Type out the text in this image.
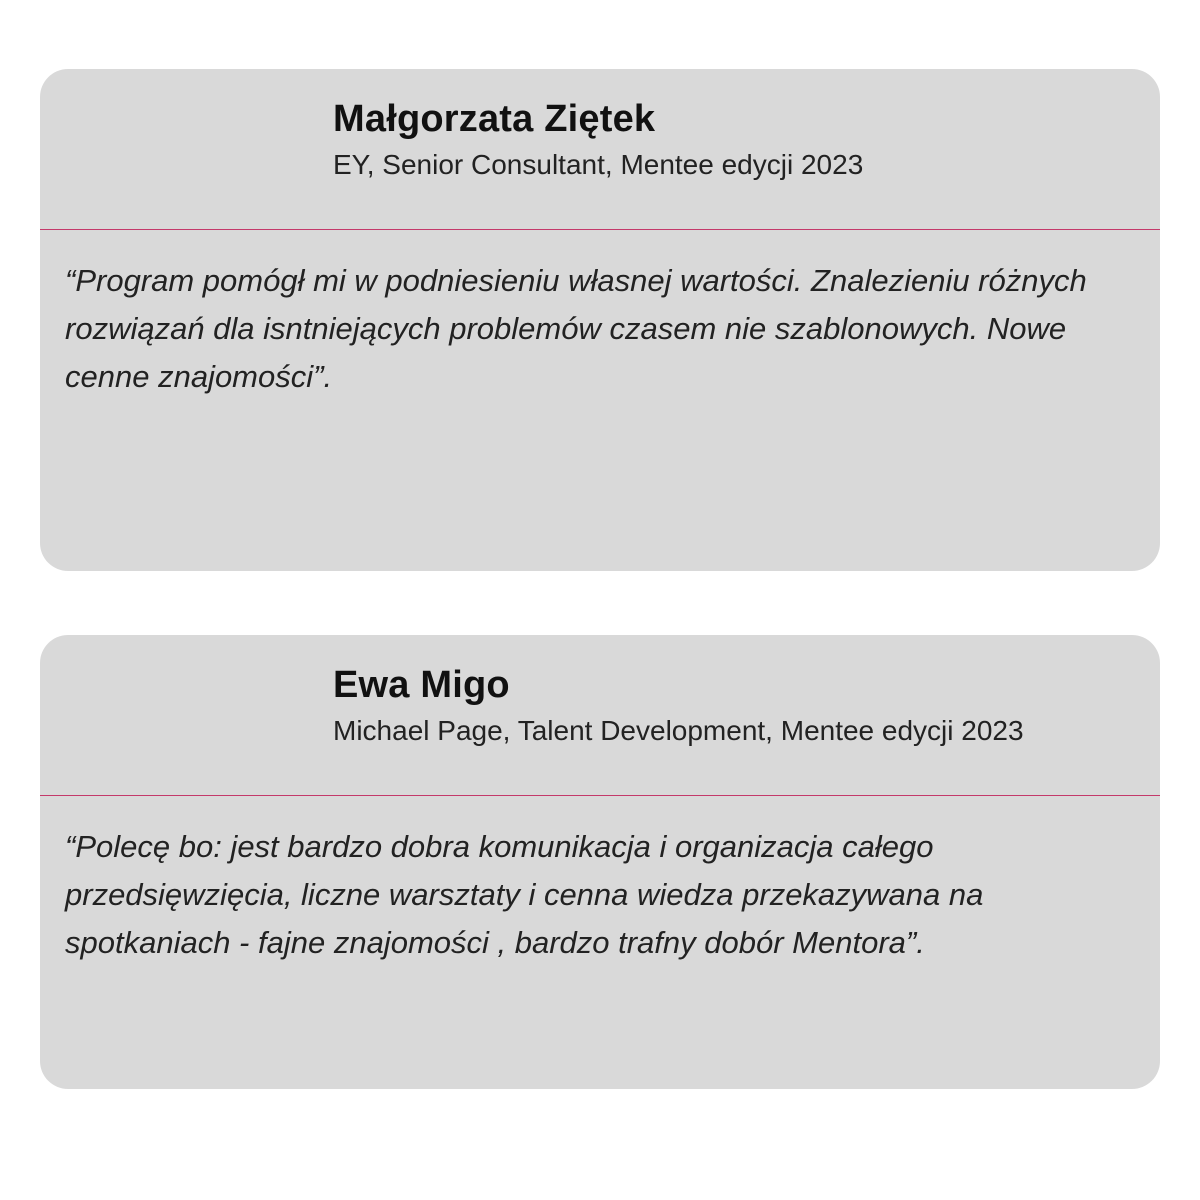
Małgorzata Ziętek
EY, Senior Consultant, Mentee edycji 2023

“Program pomógł mi w podniesieniu własnej wartości. Znalezieniu różnych rozwiązań dla isntniejących problemów czasem nie szablonowych. Nowe cenne znajomości”.

Ewa Migo
Michael Page, Talent Development, Mentee edycji 2023

“Polecę bo: jest bardzo dobra komunikacja i organizacja całego przedsięwzięcia, liczne warsztaty i cenna wiedza przekazywana na spotkaniach - fajne znajomości , bardzo trafny dobór Mentora”.
